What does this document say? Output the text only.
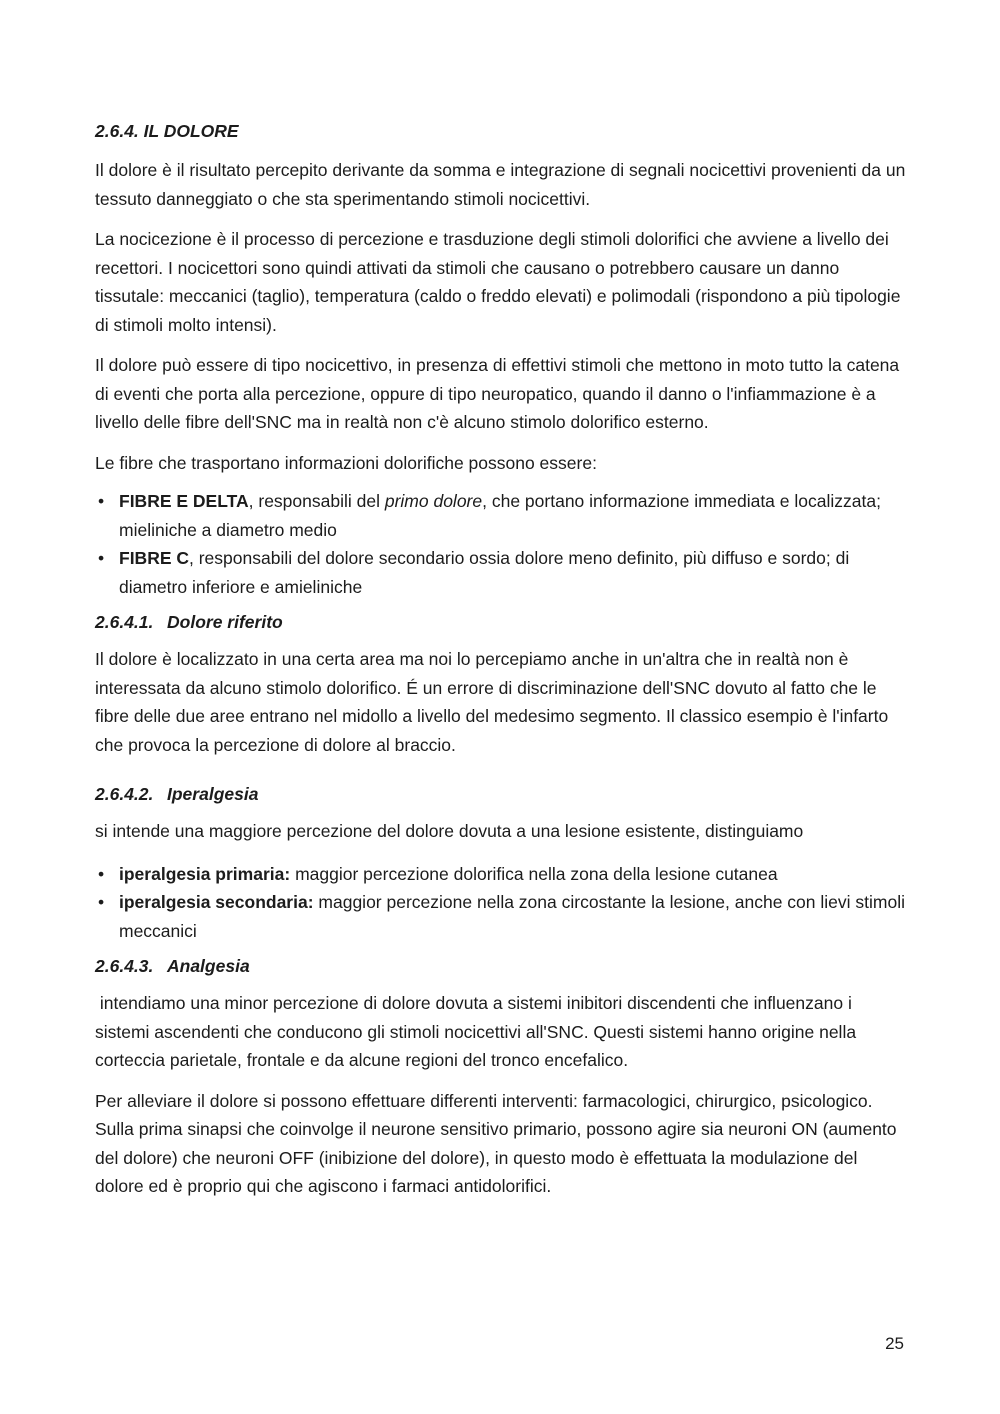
2.6.4. IL DOLORE

Il dolore è il risultato percepito derivante da somma e integrazione di segnali nocicettivi provenienti da un tessuto danneggiato o che sta sperimentando stimoli nocicettivi.

La nocicezione è il processo di percezione e trasduzione degli stimoli dolorifici che avviene a livello dei recettori. I nocicettori sono quindi attivati da stimoli che causano o potrebbero causare un danno tissutale: meccanici (taglio), temperatura (caldo o freddo elevati) e polimodali (rispondono a più tipologie di stimoli molto intensi).

Il dolore può essere di tipo nocicettivo, in presenza di effettivi stimoli che mettono in moto tutto la catena di eventi che porta alla percezione, oppure di tipo neuropatico, quando il danno o l'infiammazione è a livello delle fibre dell'SNC ma in realtà non c'è alcuno stimolo dolorifico esterno.

Le fibre che trasportano informazioni dolorifiche possono essere:

• FIBRE E DELTA, responsabili del primo dolore, che portano informazione immediata e localizzata; mieliniche a diametro medio
• FIBRE C, responsabili del dolore secondario ossia dolore meno definito, più diffuso e sordo; di diametro inferiore e amieliniche
2.6.4.1. Dolore riferito

Il dolore è localizzato in una certa area ma noi lo percepiamo anche in un'altra che in realtà non è interessata da alcuno stimolo dolorifico. É un errore di discriminazione dell'SNC dovuto al fatto che le fibre delle due aree entrano nel midollo a livello del medesimo segmento. Il classico esempio è l'infarto che provoca la percezione di dolore al braccio.

2.6.4.2. Iperalgesia

si intende una maggiore percezione del dolore dovuta a una lesione esistente, distinguiamo

• iperalgesia primaria: maggior percezione dolorifica nella zona della lesione cutanea
• iperalgesia secondaria: maggior percezione nella zona circostante la lesione, anche con lievi stimoli meccanici
2.6.4.3. Analgesia

intendiamo una minor percezione di dolore dovuta a sistemi inibitori discendenti che influenzano i sistemi ascendenti che conducono gli stimoli nocicettivi all'SNC. Questi sistemi hanno origine nella corteccia parietale, frontale e da alcune regioni del tronco encefalico.

Per alleviare il dolore si possono effettuare differenti interventi: farmacologici, chirurgico, psicologico. Sulla prima sinapsi che coinvolge il neurone sensitivo primario, possono agire sia neuroni ON (aumento del dolore) che neuroni OFF (inibizione del dolore), in questo modo è effettuata la modulazione del dolore ed è proprio qui che agiscono i farmaci antidolorifici.

25
